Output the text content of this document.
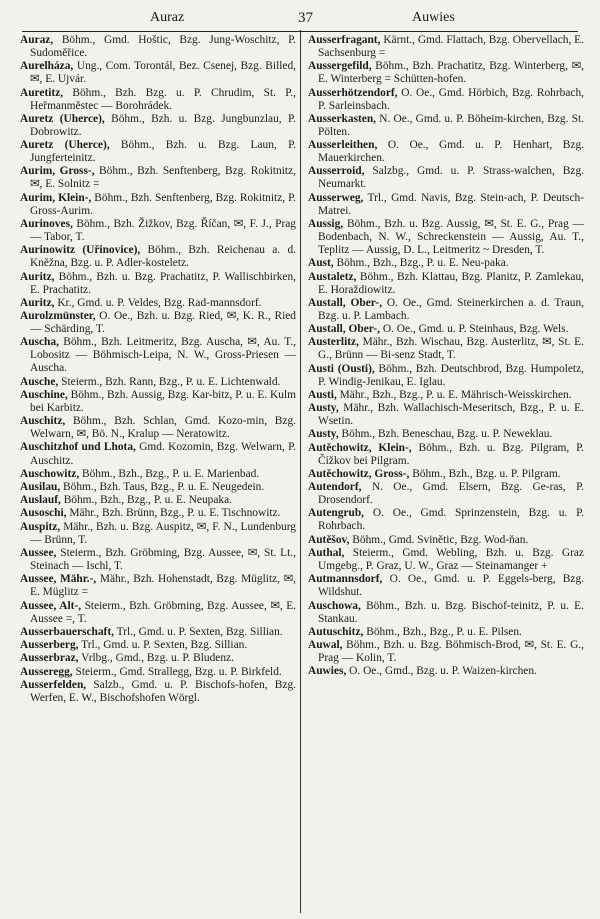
Auraz	37	Auwies
Auraz, Böhm., Gmd. Hoštic, Bzg. Jung-Woschitz, P. Sudoměřice.
Aurelháza, Ung., Com. Torontál, Bez. Csenej, Bzg. Billed, ✉, E. Ujvár.
Auretitz, Böhm., Bzh. Bzg. u. P. Chrudim, St. P., Heřmanměstec — Borohrádek.
Auretz (Uherce), Böhm., Bzh. u. Bzg. Jungbunzlau, P. Dobrowitz.
Auretz (Uherce), Böhm., Bzh. u. Bzg. Laun, P. Jungferteinitz.
Aurim, Gross-, Böhm., Bzh. Senftenberg, Bzg. Rokitnitz, ✉, E. Solnitz =
Aurim, Klein-, Böhm., Bzh. Senftenberg, Bzg. Rokitnitz, P. Gross-Aurim.
Aurinoves, Böhm., Bzh. Žižkov, Bzg. Říčan, ✉, F. J., Prag — Tabor, T.
Aurinowitz (Uřinovice), Böhm., Bzh. Reichenau a. d. Kněžna, Bzg. u. P. Adler-kosteletz.
Auritz, Böhm., Bzh. u. Bzg. Prachatitz, P. Wallischbirken, E. Prachatitz.
Auritz, Kr., Gmd. u. P. Veldes, Bzg. Rad-mannsdorf.
Aurolzmünster, O. Oe., Bzh. u. Bzg. Ried, ✉, K. R., Ried — Schärding, T.
Auscha, Böhm., Bzh. Leitmeritz, Bzg. Auscha, ✉, Au. T., Lobositz — Böhmisch-Leipa, N. W., Gross-Priesen — Auscha.
Ausche, Steierm., Bzh. Rann, Bzg., P. u. E. Lichtenwald.
Auschine, Böhm., Bzh. Aussig, Bzg. Kar-bitz, P. u. E. Kulm bei Karbitz.
Auschitz, Böhm., Bzh. Schlan, Gmd. Kozo-min, Bzg. Welwarn, ✉, Bö. N., Kralup — Neratowitz.
Auschitzhof und Lhota, Gmd. Kozomin, Bzg. Welwarn, P. Auschitz.
Auschowitz, Böhm., Bzh., Bzg., P. u. E. Marienbad.
Ausilau, Böhm., Bzh. Taus, Bzg., P. u. E. Neugedein.
Auslauf, Böhm., Bzh., Bzg., P. u. E. Neupaka.
Ausoschi, Mähr., Bzh. Brünn, Bzg., P. u. E. Tischnowitz.
Auspitz, Mähr., Bzh. u. Bzg. Auspitz, ✉, F. N., Lundenburg — Brünn, T.
Aussee, Steierm., Bzh. Gröbming, Bzg. Aussee, ✉, St. Lt., Steinach — Ischl, T.
Aussee, Mähr.-, Mähr., Bzh. Hohenstadt, Bzg. Müglitz, ✉, E. Müglitz =
Aussee, Alt-, Steierm., Bzh. Gröbming, Bzg. Aussee, ✉, E. Aussee =, T.
Ausserbauerschaft, Trl., Gmd. u. P. Sexten, Bzg. Sillian.
Ausserberg, Trl., Gmd. u. P. Sexten, Bzg. Sillian.
Ausserbraz, Vrlbg., Gmd., Bzg. u. P. Bludenz.
Ausseregg, Steierm., Gmd. Strallegg, Bzg. u. P. Birkfeld.
Ausserfelden, Salzb., Gmd. u. P. Bischofs-hofen, Bzg. Werfen, E. W., Bischofshofen Wörgl.
Ausserfragant, Kärnt., Gmd. Flattach, Bzg. Obervellach, E. Sachsenburg =
Aussergefild, Böhm., Bzh. Prachatitz, Bzg. Winterberg, ✉, E. Winterberg = Schütten-hofen.
Ausserhötzendorf, O. Oe., Gmd. Hörbich, Bzg. Rohrbach, P. Sarleinsbach.
Ausserkasten, N. Oe., Gmd. u. P. Böheim-kirchen, Bzg. St. Pölten.
Ausserleithen, O. Oe., Gmd. u. P. Henhart, Bzg. Mauerkirchen.
Ausserroid, Salzbg., Gmd. u. P. Strass-walchen, Bzg. Neumarkt.
Ausserweg, Trl., Gmd. Navis, Bzg. Stein-ach, P. Deutsch-Matrei.
Aussig, Böhm., Bzh. u. Bzg. Aussig, ✉, St. E. G., Prag — Bodenbach, N. W., Schreckenstein — Aussig, Au. T., Teplitz — Aussig, D. L., Leitmeritz ~ Dresden, T.
Aust, Böhm., Bzh., Bzg., P. u. E. Neu-paka.
Austaletz, Böhm., Bzh. Klattau, Bzg. Planitz, P. Zamlekau, E. Horaždiowitz.
Austall, Ober-, O. Oe., Gmd. Steinerkirchen a. d. Traun, Bzg. u. P. Lambach.
Austall, Ober-, O. Oe., Gmd. u. P. Steinhaus, Bzg. Wels.
Austerlitz, Mähr., Bzh. Wischau, Bzg. Austerlitz, ✉, St. E. G., Brünn — Bi-senz Stadt, T.
Austi (Ousti), Böhm., Bzh. Deutschbrod, Bzg. Humpoletz, P. Windig-Jenikau, E. Iglau.
Austi, Mähr., Bzh., Bzg., P. u. E. Mährisch-Weisskirchen.
Austy, Mähr., Bzh. Wallachisch-Meseritsch, Bzg., P. u. E. Wsetin.
Austy, Böhm., Bzh. Beneschau, Bzg. u. P. Neweklau.
Autěchowitz, Klein-, Böhm., Bzh. u. Bzg. Pilgram, P. Čížkov bei Pilgram.
Autěchowitz, Gross-, Böhm., Bzh., Bzg. u. P. Pilgram.
Autendorf, N. Oe., Gmd. Elsern, Bzg. Ge-ras, P. Drosendorf.
Autengrub, O. Oe., Gmd. Sprinzenstein, Bzg. u. P. Rohrbach.
Autěšov, Böhm., Gmd. Svinětic, Bzg. Wod-ňan.
Authal, Steierm., Gmd. Webling, Bzh. u. Bzg. Graz Umgebg., P. Graz, U. W., Graz — Steinamanger +
Autmannsdorf, O. Oe., Gmd. u. P. Eggels-berg, Bzg. Wildshut.
Auschowa, Böhm., Bzh. u. Bzg. Bischof-teinitz, P. u. E. Stankau.
Autuschitz, Böhm., Bzh., Bzg., P. u. E. Pilsen.
Auwal, Böhm., Bzh. u. Bzg. Böhmisch-Brod, ✉, St. E. G., Prag — Kolin, T.
Auwies, O. Oe., Gmd., Bzg. u. P. Waizen-kirchen.
